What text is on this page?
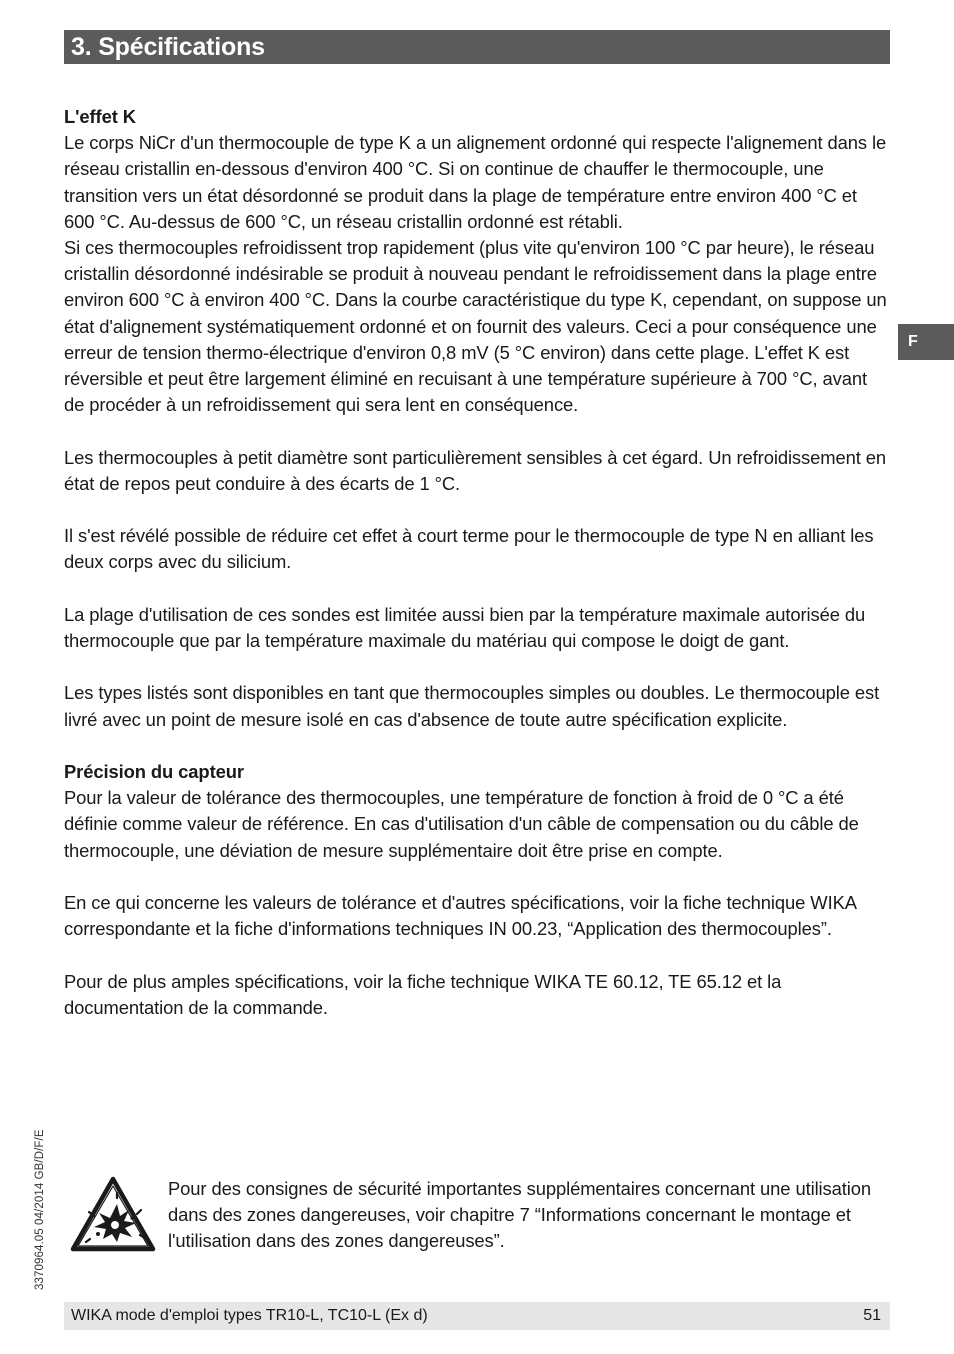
3. Spécifications
F
L'effet K

Le corps NiCr d'un thermocouple de type K a un alignement ordonné qui respecte l'alignement dans le réseau cristallin en-dessous d'environ 400 °C. Si on continue de chauffer le thermocouple, une transition vers un état désordonné se produit dans la plage de température entre environ 400 °C et 600 °C. Au-dessus de 600 °C, un réseau cristallin ordonné est rétabli.

Si ces thermocouples refroidissent trop rapidement (plus vite qu'environ 100 °C par heure), le réseau cristallin désordonné indésirable se produit à nouveau pendant le refroidissement dans la plage entre environ 600 °C à environ 400 °C. Dans la courbe caractéristique du type K, cependant, on suppose un état d'alignement systématiquement ordonné et on fournit des valeurs. Ceci a pour conséquence une erreur de tension thermo-électrique d'environ 0,8 mV (5 °C environ) dans cette plage. L'effet K est réversible et peut être largement éliminé en recuisant à une température supérieure à 700 °C, avant de procéder à un refroidissement qui sera lent en conséquence.

Les thermocouples à petit diamètre sont particulièrement sensibles à cet égard. Un refroidissement en état de repos peut conduire à des écarts de 1 °C.

Il s'est révélé possible de réduire cet effet à court terme pour le thermocouple de type N en alliant les deux corps avec du silicium.

La plage d'utilisation de ces sondes est limitée aussi bien par la température maximale autorisée du thermocouple que par la température maximale du matériau qui compose le doigt de gant.

Les types listés sont disponibles en tant que thermocouples simples ou doubles. Le thermocouple est livré avec un point de mesure isolé en cas d'absence de toute autre spécification explicite.

Précision du capteur

Pour la valeur de tolérance des thermocouples, une température de fonction à froid de 0 °C a été définie comme valeur de référence. En cas d'utilisation d'un câble de compensation ou du câble de thermocouple, une déviation de mesure supplémentaire doit être prise en compte.

En ce qui concerne les valeurs de tolérance et d'autres spécifications, voir la fiche technique WIKA correspondante et la fiche d'informations techniques IN 00.23, “Application des thermocouples”.

Pour de plus amples spécifications, voir la fiche technique WIKA TE 60.12, TE 65.12 et la documentation de la commande.

Pour des consignes de sécurité importantes supplémentaires concernant une utilisation dans des zones dangereuses, voir chapitre 7 “Informations concernant le montage et l'utilisation dans des zones dangereuses”.

3370964.05 04/2014 GB/D/F/E
WIKA mode d'emploi types TR10-L, TC10-L (Ex d)	51
